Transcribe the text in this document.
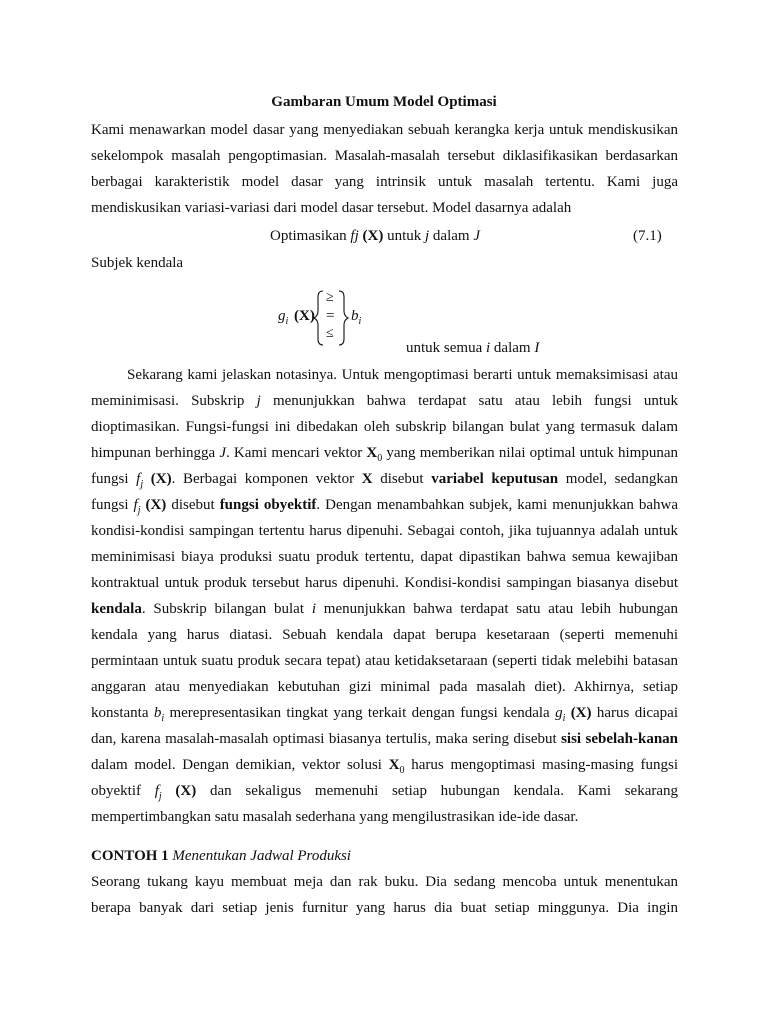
Gambaran Umum Model Optimasi
Kami menawarkan model dasar yang menyediakan sebuah kerangka kerja untuk mendiskusikan
sekelompok masalah pengoptimasian. Masalah-masalah tersebut diklasifikasikan berdasarkan
berbagai karakteristik model dasar yang intrinsik untuk masalah tertentu. Kami juga
mendiskusikan variasi-variasi dari model dasar tersebut. Model dasarnya adalah
Optimasikan fj (X) untuk j dalam J	(7.1)
Subjek kendala
$g_i$ (X)
≥
=
≤
$b_i$
untuk semua i dalam I
Sekarang kami jelaskan notasinya. Untuk mengoptimasi berarti untuk memaksimisasi atau
meminimisasi. Subskrip j menunjukkan bahwa terdapat satu atau lebih fungsi untuk
dioptimasikan. Fungsi-fungsi ini dibedakan oleh subskrip bilangan bulat yang termasuk dalam
himpunan berhingga J. Kami mencari vektor $X_0$ yang memberikan nilai optimal untuk himpunan
fungsi $f_j$ (X). Berbagai komponen vektor X disebut variabel keputusan model, sedangkan
fungsi $f_j$ (X) disebut fungsi obyektif. Dengan menambahkan subjek, kami menunjukkan bahwa
kondisi-kondisi sampingan tertentu harus dipenuhi. Sebagai contoh, jika tujuannya adalah untuk
meminimisasi biaya produksi suatu produk tertentu, dapat dipastikan bahwa semua kewajiban
kontraktual untuk produk tersebut harus dipenuhi. Kondisi-kondisi sampingan biasanya disebut
kendala. Subskrip bilangan bulat i menunjukkan bahwa terdapat satu atau lebih hubungan
kendala yang harus diatasi. Sebuah kendala dapat berupa kesetaraan (seperti memenuhi
permintaan untuk suatu produk secara tepat) atau ketidaksetaraan (seperti tidak melebihi batasan
anggaran atau menyediakan kebutuhan gizi minimal pada masalah diet). Akhirnya, setiap
konstanta $b_i$ merepresentasikan tingkat yang terkait dengan fungsi kendala $g_i$ (X) harus dicapai
dan, karena masalah-masalah optimasi biasanya tertulis, maka sering disebut sisi sebelah-kanan
dalam model. Dengan demikian, vektor solusi $X_0$ harus mengoptimasi masing-masing fungsi
obyektif $f_j$ (X) dan sekaligus memenuhi setiap hubungan kendala. Kami sekarang
mempertimbangkan satu masalah sederhana yang mengilustrasikan ide-ide dasar.
CONTOH 1 Menentukan Jadwal Produksi
Seorang tukang kayu membuat meja dan rak buku. Dia sedang mencoba untuk menentukan
berapa banyak dari setiap jenis furnitur yang harus dia buat setiap minggunya. Dia ingin
